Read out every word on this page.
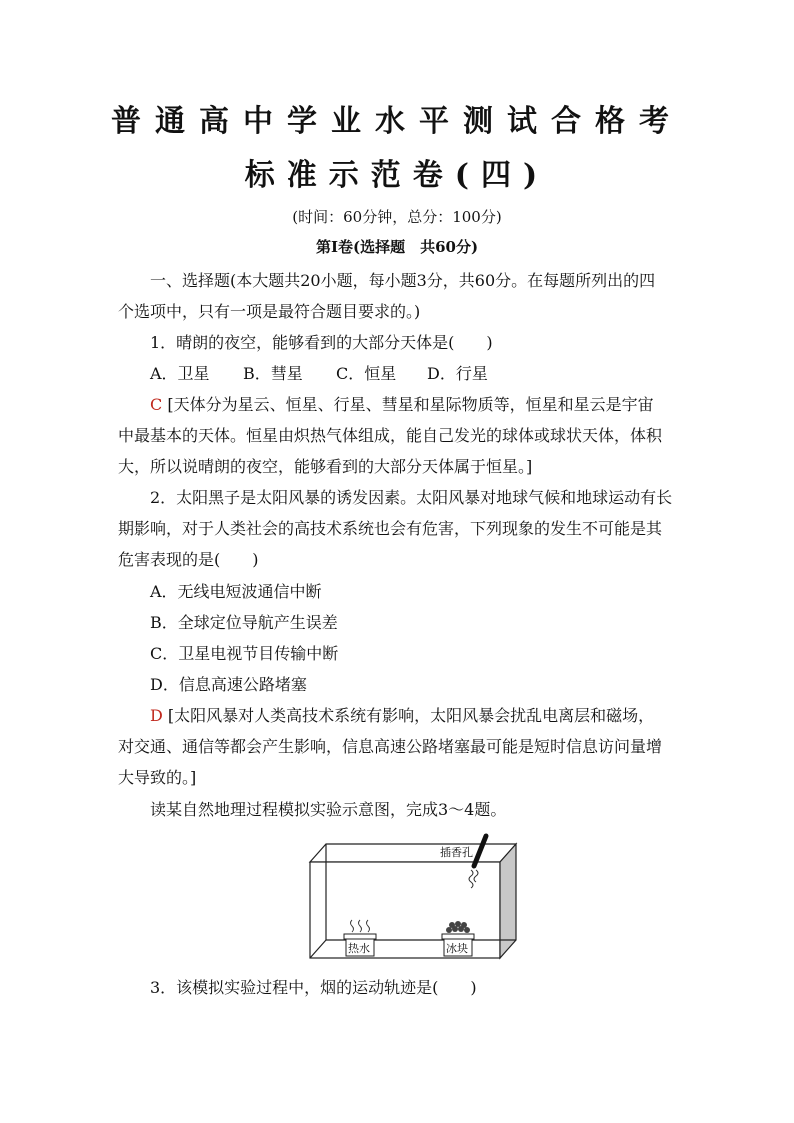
普通高中学业水平测试合格考
标准示范卷(四)
(时间：60分钟，总分：100分)
第Ⅰ卷(选择题　共60分)
一、选择题(本大题共20小题，每小题3分，共60分。在每题所列出的四
个选项中，只有一项是最符合题目要求的。)
1．晴朗的夜空，能够看到的大部分天体是(　　)
A．卫星 B．彗星 C．恒星 D．行星
C [天体分为星云、恒星、行星、彗星和星际物质等，恒星和星云是宇宙
中最基本的天体。恒星由炽热气体组成，能自己发光的球体或球状天体，体积
大，所以说晴朗的夜空，能够看到的大部分天体属于恒星。]
2．太阳黑子是太阳风暴的诱发因素。太阳风暴对地球气候和地球运动有长
期影响，对于人类社会的高技术系统也会有危害，下列现象的发生不可能是其
危害表现的是(　　)
A．无线电短波通信中断
B．全球定位导航产生误差
C．卫星电视节目传输中断
D．信息高速公路堵塞
D [太阳风暴对人类高技术系统有影响，太阳风暴会扰乱电离层和磁场，
对交通、通信等都会产生影响，信息高速公路堵塞最可能是短时信息访问量增
大导致的。]
读某自然地理过程模拟实验示意图，完成3～4题。
插香孔
热水	冰块
3．该模拟实验过程中，烟的运动轨迹是(　　)
